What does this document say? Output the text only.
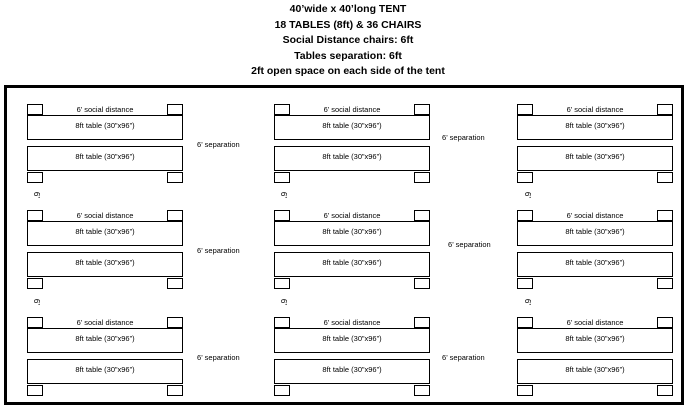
40’wide x 40’long TENT

18 TABLES (8ft) & 36 CHAIRS

Social Distance chairs: 6ft

Tables separation: 6ft

2ft open space on each side of the tent

6’ social distance
8ft table (30”x96”)
8ft table (30”x96”)
6’ separation
6’ social distance
8ft table (30”x96”)
8ft table (30”x96”)
6’ separation
6’ social distance
8ft table (30”x96”)
8ft table (30”x96”)
6’	6’	6’
6’ social distance
8ft table (30”x96”)
8ft table (30”x96”)
6’ separation
6’ social distance
8ft table (30”x96”)
8ft table (30”x96”)
6’ separation
6’ social distance
8ft table (30”x96”)
8ft table (30”x96”)
6’	6’	6’
6’ social distance
8ft table (30”x96”)
8ft table (30”x96”)
6’ separation
6’ social distance
8ft table (30”x96”)
8ft table (30”x96”)
6’ separation
6’ social distance
8ft table (30”x96”)
8ft table (30”x96”)
